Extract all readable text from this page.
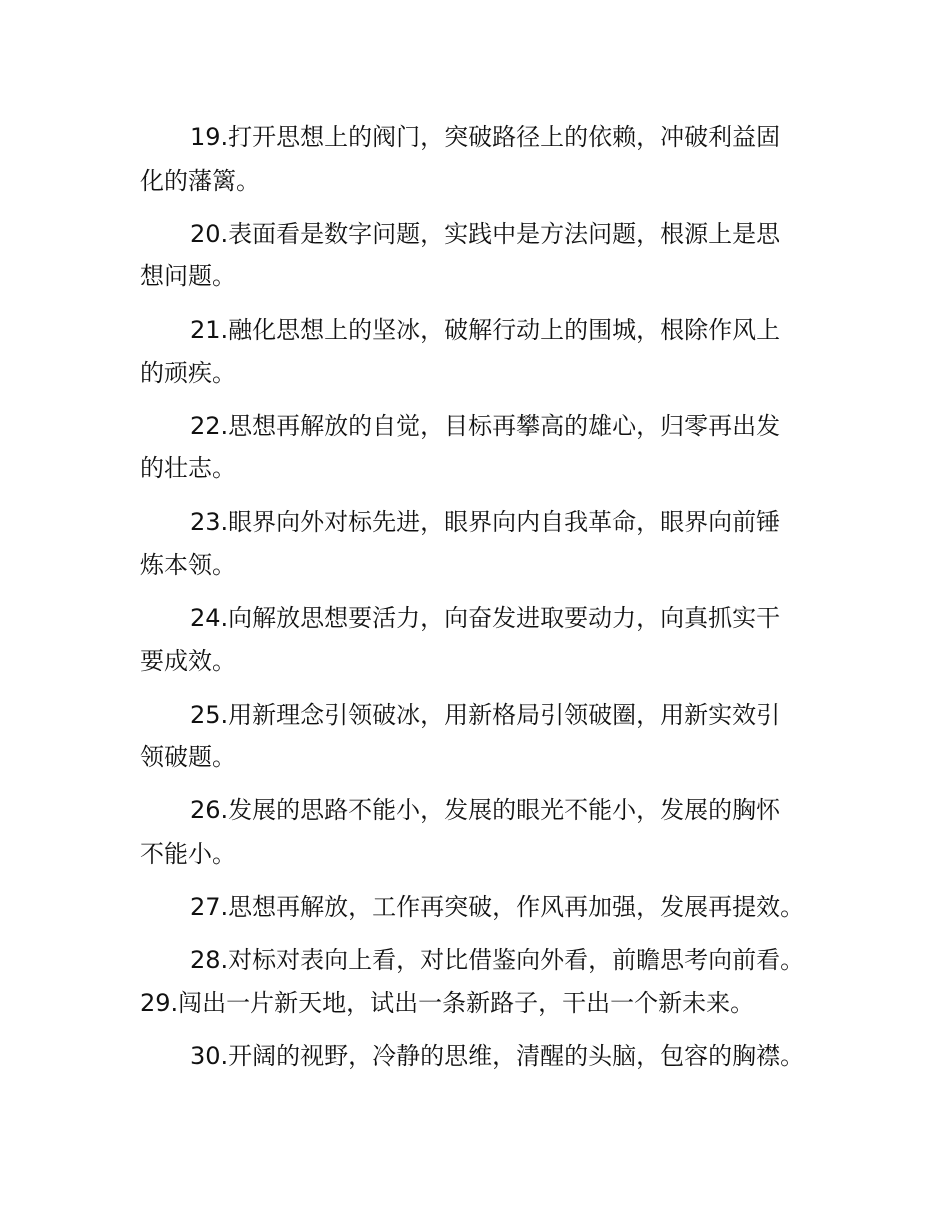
19.打开思想上的阀门，突破路径上的依赖，冲破利益固
化的藩篱。
20.表面看是数字问题，实践中是方法问题，根源上是思
想问题。
21.融化思想上的坚冰，破解行动上的围城，根除作风上
的顽疾。
22.思想再解放的自觉，目标再攀高的雄心，归零再出发
的壮志。
23.眼界向外对标先进，眼界向内自我革命，眼界向前锤
炼本领。
24.向解放思想要活力，向奋发进取要动力，向真抓实干
要成效。
25.用新理念引领破冰，用新格局引领破圈，用新实效引
领破题。
26.发展的思路不能小，发展的眼光不能小，发展的胸怀
不能小。
27.思想再解放，工作再突破，作风再加强，发展再提效。
28.对标对表向上看，对比借鉴向外看，前瞻思考向前看。
29.闯出一片新天地，试出一条新路子，干出一个新未来。
30.开阔的视野，冷静的思维，清醒的头脑，包容的胸襟。
